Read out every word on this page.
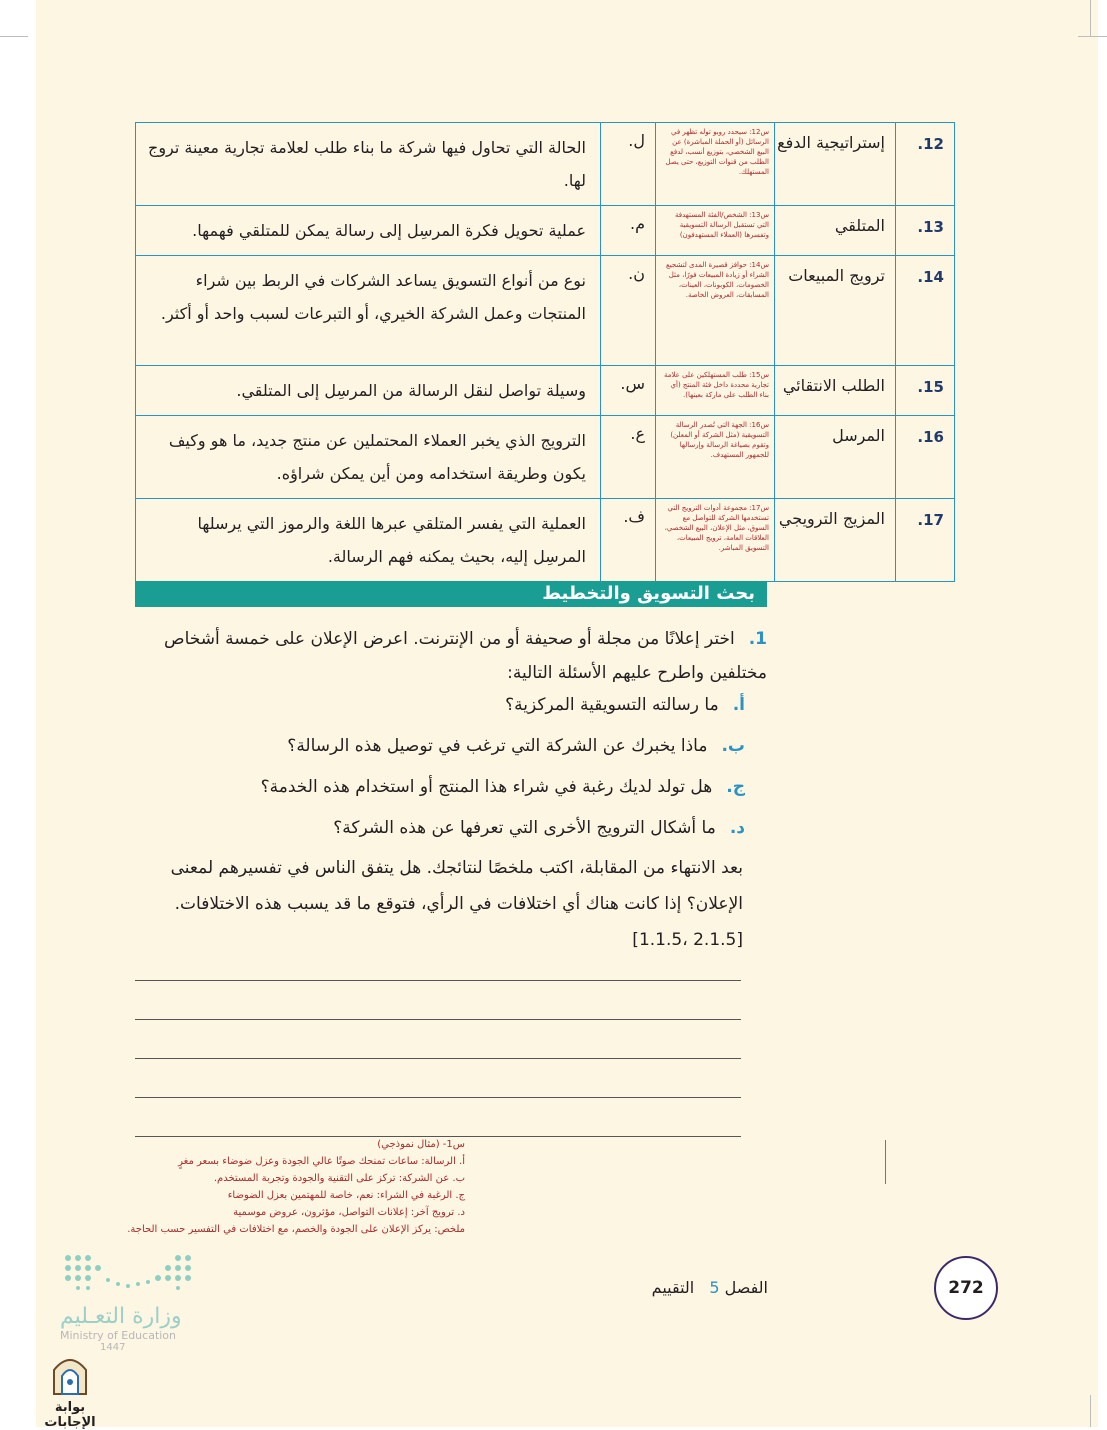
12.	إستراتيجية الدفع	س12: سيحدد روبو توله تظهر في الرسائل (أو الحملة المباشرة) عن البيع الشخصي، بتوزيع أنسب، لدفع الطلب من قنوات التوزيع، حتى يصل المستهلك.	ل.	الحالة التي تحاول فيها شركة ما بناء طلب لعلامة تجارية معينة تروج لها.
13.	المتلقي	س13: الشخص/الفئة المستهدفة التي تستقبل الرسالة التسويقية وتفسرها (العملاء المستهدفون)	م.	عملية تحويل فكرة المرسِل إلى رسالة يمكن للمتلقي فهمها.
14.	ترويج المبيعات	س14: حوافز قصيرة المدى لتشجيع الشراء أو زيادة المبيعات فورًا، مثل الخصومات، الكوبونات، العينات، المسابقات، العروض الخاصة.	ن.	نوع من أنواع التسويق يساعد الشركات في الربط بين شراء المنتجات وعمل الشركة الخيري، أو التبرعات لسبب واحد أو أكثر.
15.	الطلب الانتقائي	س15: طلب المستهلكين على علامة تجارية محددة داخل فئة المنتج (أي بناء الطلب على ماركة بعينها).	س.	وسيلة تواصل لنقل الرسالة من المرسِل إلى المتلقي.
16.	المرسل	س16: الجهة التي تُصدر الرسالة التسويقية (مثل الشركة أو المعلن) وتقوم بصياغة الرسالة وإرسالها للجمهور المستهدف.	ع.	الترويج الذي يخبر العملاء المحتملين عن منتج جديد، ما هو وكيف يكون وطريقة استخدامه ومن أين يمكن شراؤه.
17.	المزيج الترويجي	س17: مجموعة أدوات الترويج التي تستخدمها الشركة للتواصل مع السوق، مثل الإعلان، البيع الشخصي، العلاقات العامة، ترويج المبيعات، التسويق المباشر.	ف.	العملية التي يفسر المتلقي عبرها اللغة والرموز التي يرسلها المرسِل إليه، بحيث يمكنه فهم الرسالة.
بحث التسويق والتخطيط
1.اختر إعلانًا من مجلة أو صحيفة أو من الإنترنت. اعرض الإعلان على خمسة أشخاص مختلفين واطرح عليهم الأسئلة التالية:
أ.ما رسالته التسويقية المركزية؟
ب.ماذا يخبرك عن الشركة التي ترغب في توصيل هذه الرسالة؟
ج.هل تولد لديك رغبة في شراء هذا المنتج أو استخدام هذه الخدمة؟
د.ما أشكال الترويج الأخرى التي تعرفها عن هذه الشركة؟
بعد الانتهاء من المقابلة، اكتب ملخصًا لنتائجك. هل يتفق الناس في تفسيرهم لمعنى الإعلان؟ إذا كانت هناك أي اختلافات في الرأي، فتوقع ما قد يسبب هذه الاختلافات. [2.1.5 ،1.1.5]
س1- (مثال نموذجي)
أ. الرسالة: ساعات تمنحك صوتًا عالي الجودة وعزل ضوضاء بسعر مغرٍ
ب. عن الشركة: تركز على التقنية والجودة وتجربة المستخدم.
ج. الرغبة في الشراء: نعم، خاصة للمهتمين بعزل الضوضاء
د. ترويج آخر: إعلانات التواصل، مؤثرون، عروض موسمية
ملخص: يركز الإعلان على الجودة والخصم، مع اختلافات في التفسير حسب الحاجة.
272
الفصل 5 التقييم
وزارة التعـليم
Ministry of Education
1447
بوابة الإجابات
